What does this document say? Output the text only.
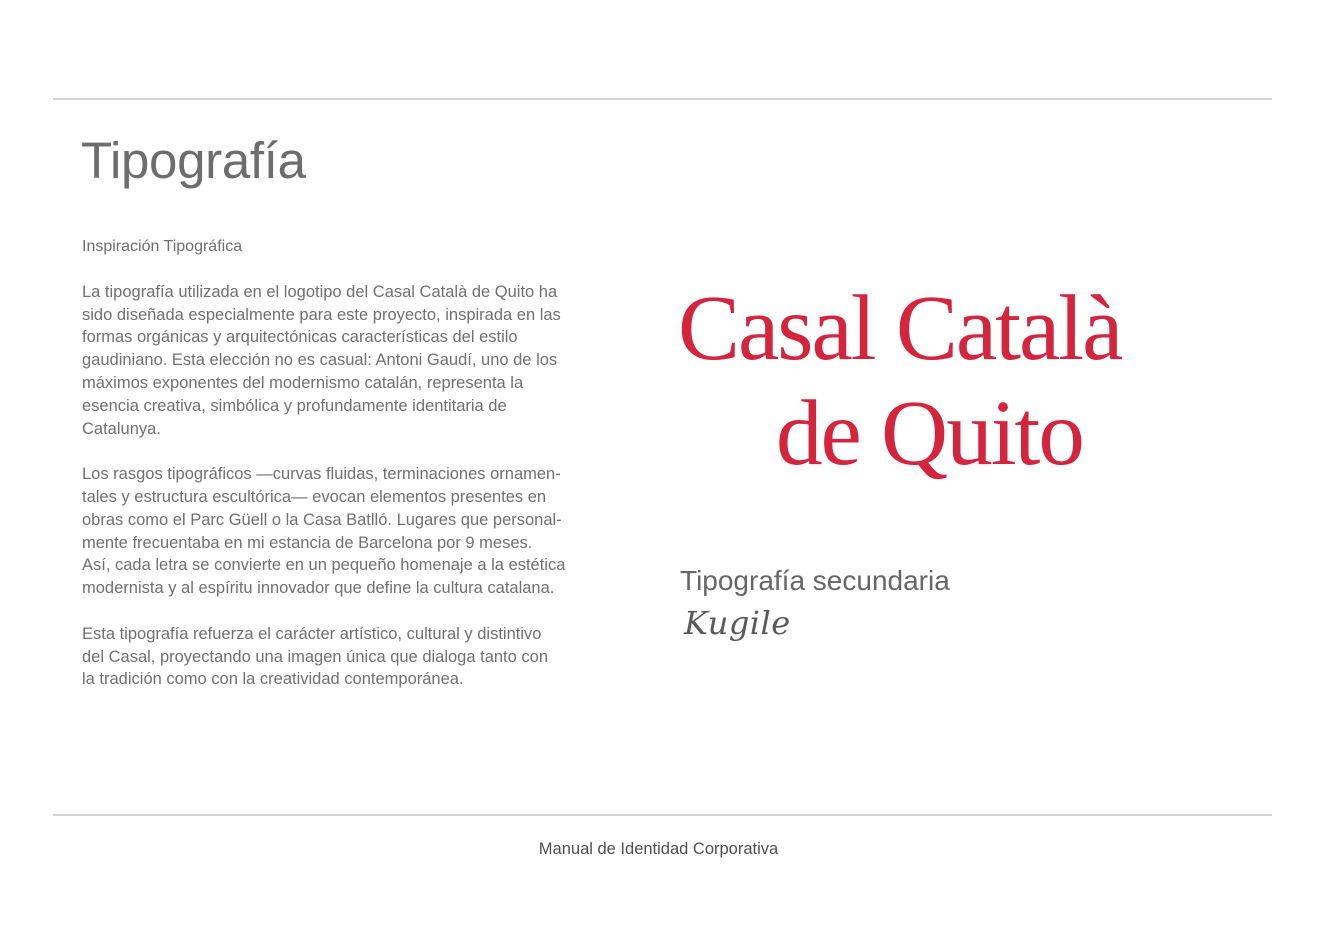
Tipografía

Inspiración Tipográfica

La tipografía utilizada en el logotipo del Casal Català de Quito ha
sido diseñada especialmente para este proyecto, inspirada en las
formas orgánicas y arquitectónicas características del estilo
gaudiniano. Esta elección no es casual: Antoni Gaudí, uno de los
máximos exponentes del modernismo catalán, representa la
esencia creativa, simbólica y profundamente identitaria de
Catalunya.

Los rasgos tipográficos —curvas fluidas, terminaciones ornamen-
tales y estructura escultórica— evocan elementos presentes en
obras como el Parc Güell o la Casa Batlló. Lugares que personal-
mente frecuentaba en mi estancia de Barcelona por 9 meses.
Así, cada letra se convierte en un pequeño homenaje a la estética
modernista y al espíritu innovador que define la cultura catalana.

Esta tipografía refuerza el carácter artístico, cultural y distintivo
del Casal, proyectando una imagen única que dialoga tanto con
la tradición como con la creatividad contemporánea.

Casal Català
de Quito
Tipografía secundaria
Kugile
Manual de Identidad Corporativa
